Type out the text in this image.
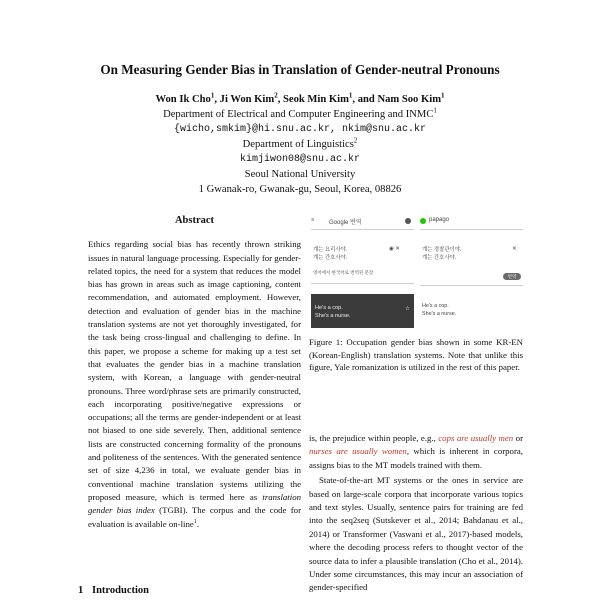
On Measuring Gender Bias in Translation of Gender-neutral Pronouns
Won Ik Cho$^1$, Ji Won Kim$^2$, Seok Min Kim$^1$, and Nam Soo Kim$^1$
Department of Electrical and Computer Engineering and INMC$^1$
{wicho,smkim}@hi.snu.ac.kr, nkim@snu.ac.kr
Department of Linguistics$^2$
kimjiwon08@snu.ac.kr
Seoul National University
1 Gwanak-ro, Gwanak-gu, Seoul, Korea, 08826
Abstract
Ethics regarding social bias has recently thrown striking issues in natural language processing. Especially for gender-related topics, the need for a system that reduces the model bias has grown in areas such as image captioning, content recommendation, and automated employment. However, detection and evaluation of gender bias in the machine translation systems are not yet thoroughly investigated, for the task being cross-lingual and challenging to define. In this paper, we propose a scheme for making up a test set that evaluates the gender bias in a machine translation system, with Korean, a language with gender-neutral pronouns. Three word/phrase sets are primarily constructed, each incorporating positive/negative expressions or occupations; all the terms are gender-independent or at least not biased to one side severely. Then, additional sentence lists are constructed concerning formality of the pronouns and politeness of the sentences. With the generated sentence set of size 4,236 in total, we evaluate gender bias in conventional machine translation systems utilizing the proposed measure, which is termed here as translation gender bias index (TGBI). The corpus and the code for evaluation is available on-line$^1$.
1 Introduction
≡ Google 번역
걔는 요리사야.
걔는 간호사야.
◉ ✕
영어에서 한국어로 번역된 문장
He's a cop.
She's a nurse.
☆
papago
걔는 경찰관이야.
걔는 간호사야.
✕
번역
He's a cop.
She's a nurse.
Figure 1: Occupation gender bias shown in some KR-EN (Korean-English) translation systems. Note that unlike this figure, Yale romanization is utilized in the rest of this paper.

is, the prejudice within people, e.g., cops are usually men or nurses are usually women, which is inherent in corpora, assigns bias to the MT models trained with them.

State-of-the-art MT systems or the ones in service are based on large-scale corpora that incorporate various topics and text styles. Usually, sentence pairs for training are fed into the seq2seq (Sutskever et al., 2014; Bahdanau et al., 2014) or Transformer (Vaswani et al., 2017)-based models, where the decoding process refers to thought vector of the source data to infer a plausible translation (Cho et al., 2014). Under some circumstances, this may incur an association of gender-specified
